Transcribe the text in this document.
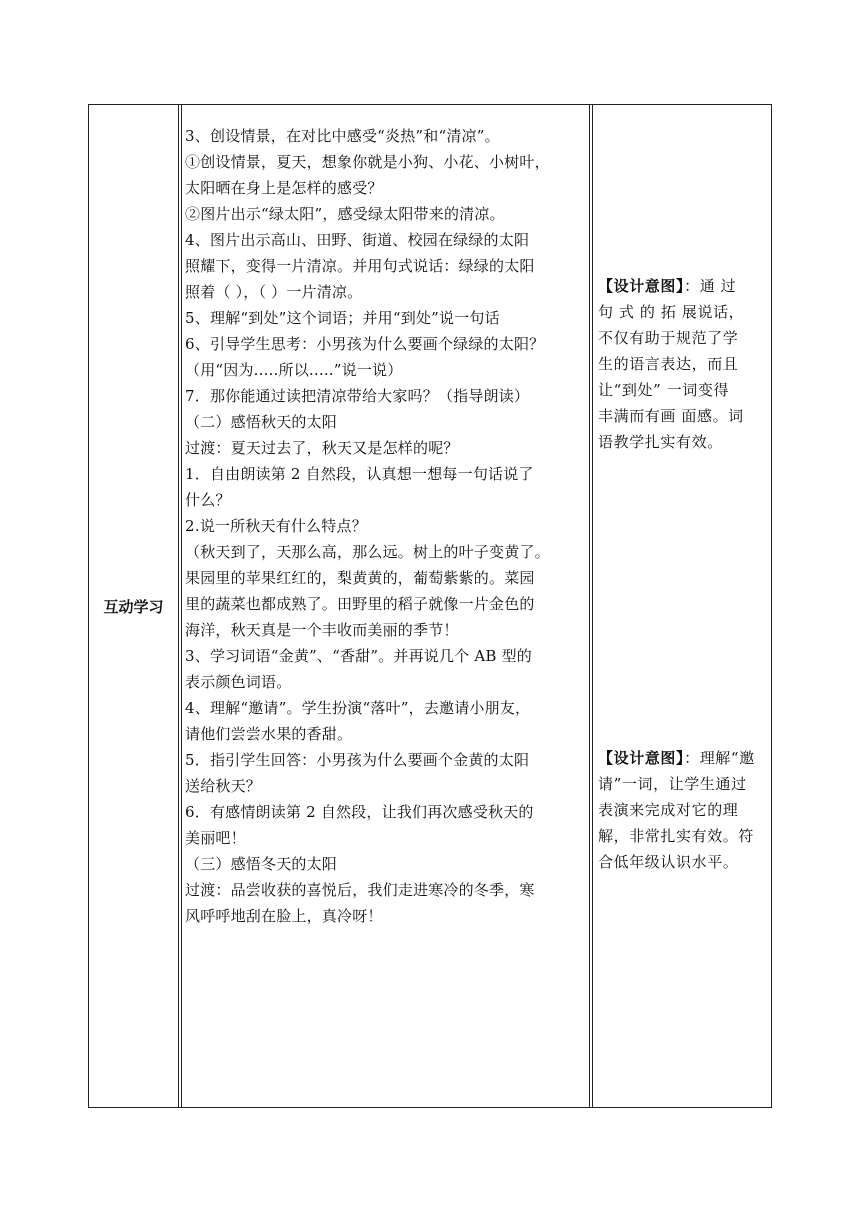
互动学习
3、创设情景，在对比中感受“炎热”和“清凉”。
①创设情景，夏天，想象你就是小狗、小花、小树叶，
太阳晒在身上是怎样的感受？
②图片出示“绿太阳”，感受绿太阳带来的清凉。
4、图片出示高山、田野、街道、校园在绿绿的太阳
照耀下，变得一片清凉。并用句式说话：绿绿的太阳
照着（ ），（ ）一片清凉。
5、理解“到处”这个词语；并用“到处”说一句话
6、引导学生思考：小男孩为什么要画个绿绿的太阳？
（用“因为.....所以.....”说一说）
7．那你能通过读把清凉带给大家吗？（指导朗读）
（二）感悟秋天的太阳
过渡：夏天过去了，秋天又是怎样的呢？
1．自由朗读第 2 自然段，认真想一想每一句话说了
什么？
2.说一所秋天有什么特点？
（秋天到了，天那么高，那么远。树上的叶子变黄了。
果园里的苹果红红的，梨黄黄的，葡萄紫紫的。菜园
里的蔬菜也都成熟了。田野里的稻子就像一片金色的
海洋，秋天真是一个丰收而美丽的季节！
3、学习词语“金黄”、“香甜”。并再说几个 AB 型的
表示颜色词语。
4、理解“邀请”。学生扮演“落叶”，去邀请小朋友，
请他们尝尝水果的香甜。
5．指引学生回答：小男孩为什么要画个金黄的太阳
送给秋天？
6．有感情朗读第 2 自然段，让我们再次感受秋天的
美丽吧！
（三）感悟冬天的太阳
过渡：品尝收获的喜悦后，我们走进寒冷的冬季，寒
风呼呼地刮在脸上，真冷呀！
【设计意图】：通 过
句 式 的 拓 展说话，
不仅有助于规范了学
生的语言表达，而且
让“到处” 一词变得
丰满而有画 面感。词
语教学扎实有效。
【设计意图】：理解“邀
请”一词，让学生通过
表演来完成对它的理
解，非常扎实有效。符
合低年级认识水平。
